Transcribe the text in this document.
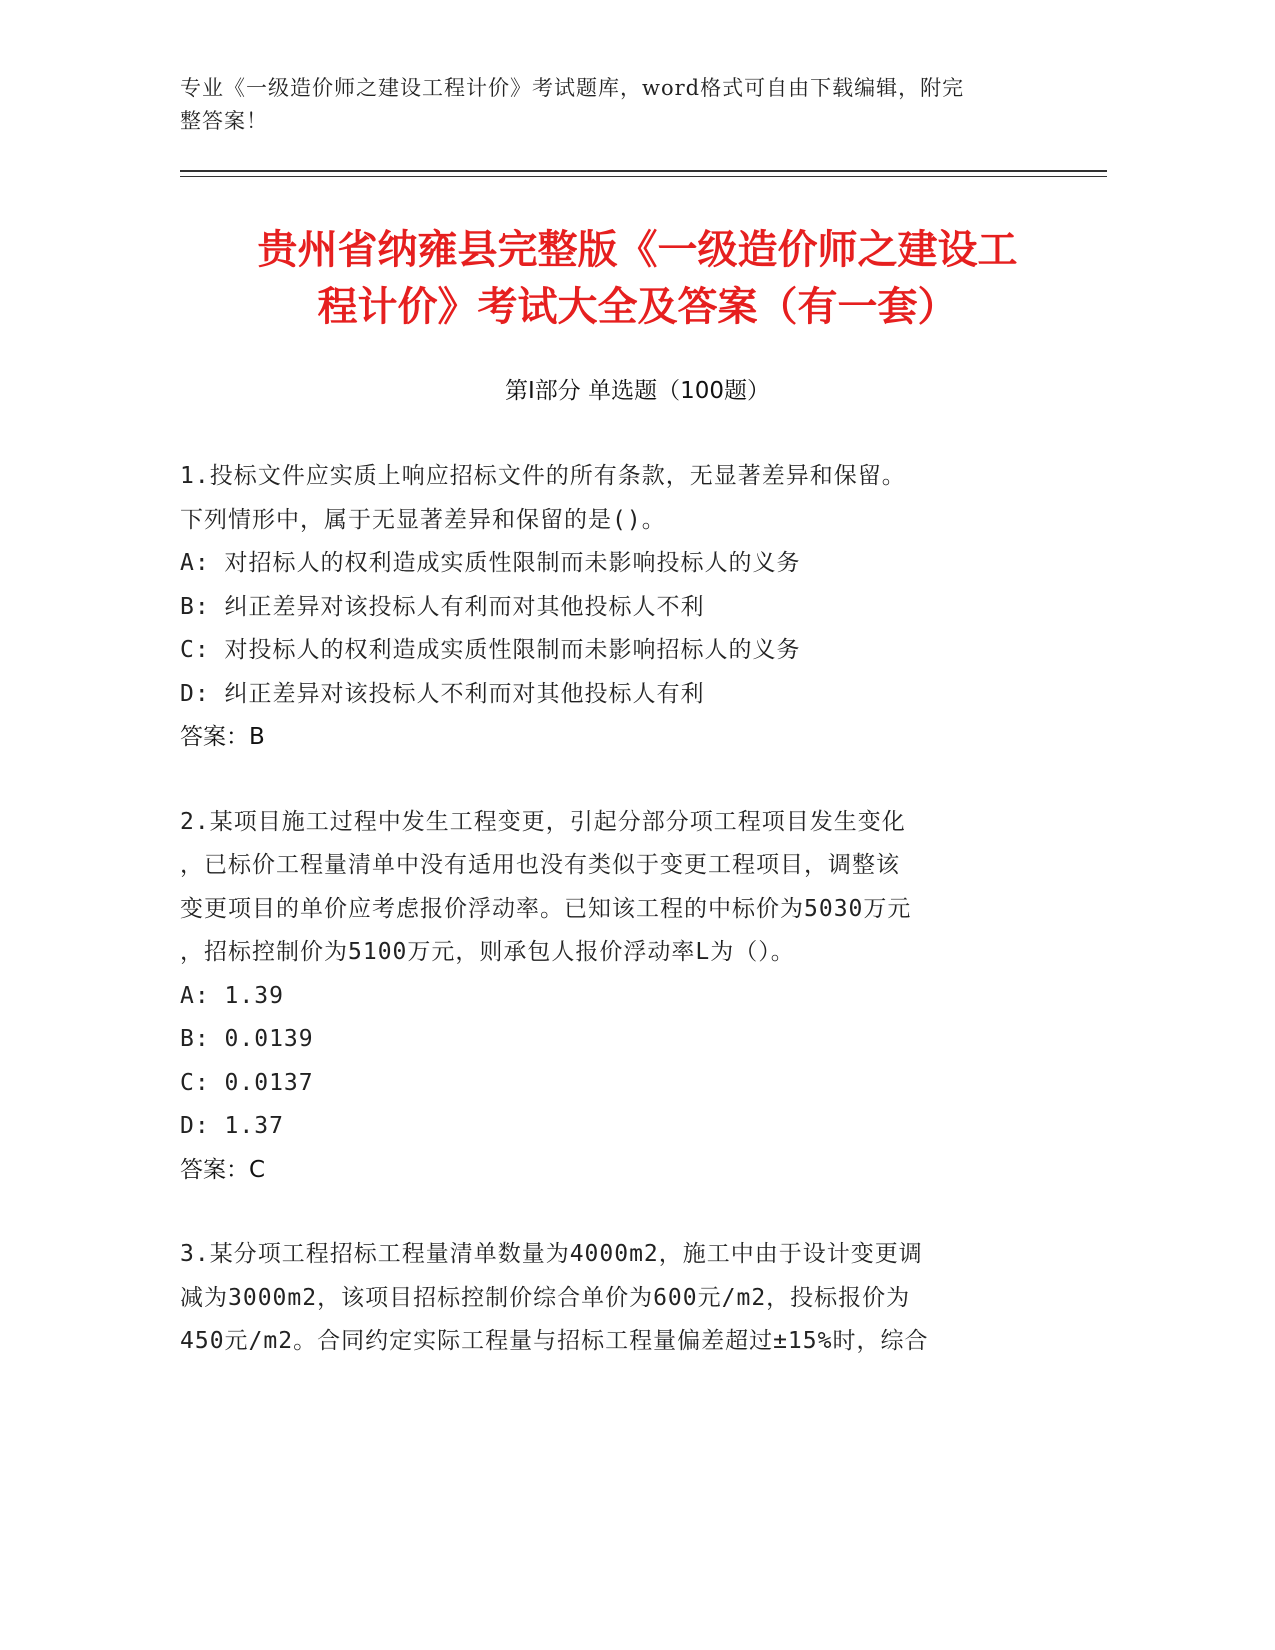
专业《一级造价师之建设工程计价》考试题库，word格式可自由下载编辑，附完
整答案！
贵州省纳雍县完整版《一级造价师之建设工
程计价》考试大全及答案（有一套）
第Ⅰ部分 单选题（100题）
1.投标文件应实质上响应招标文件的所有条款，无显著差异和保留。
下列情形中，属于无显著差异和保留的是()。
A: 对招标人的权利造成实质性限制而未影响投标人的义务
B: 纠正差异对该投标人有利而对其他投标人不利
C: 对投标人的权利造成实质性限制而未影响招标人的义务
D: 纠正差异对该投标人不利而对其他投标人有利
答案：B
2.某项目施工过程中发生工程变更，引起分部分项工程项目发生变化
，已标价工程量清单中没有适用也没有类似于变更工程项目，调整该
变更项目的单价应考虑报价浮动率。已知该工程的中标价为5030万元
，招标控制价为5100万元，则承包人报价浮动率L为（）。
A: 1.39
B: 0.0139
C: 0.0137
D: 1.37
答案：C
3.某分项工程招标工程量清单数量为4000m2，施工中由于设计变更调
减为3000m2，该项目招标控制价综合单价为600元/m2，投标报价为
450元/m2。合同约定实际工程量与招标工程量偏差超过±15%时，综合
